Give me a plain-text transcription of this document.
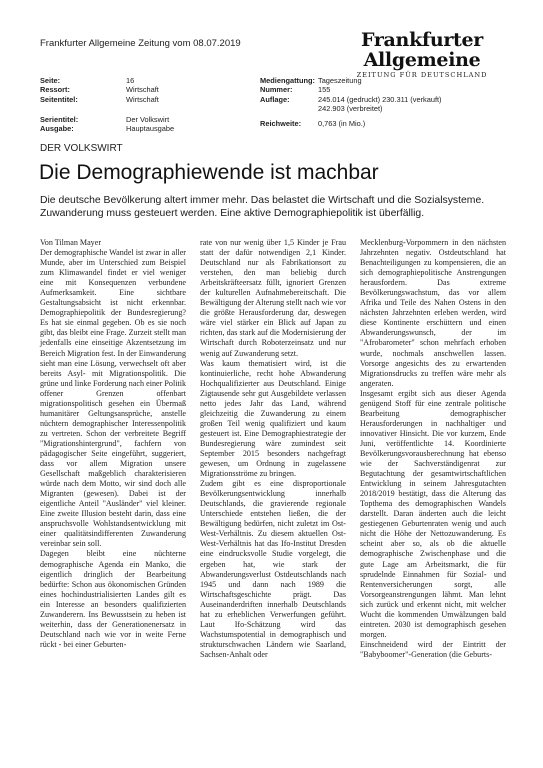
Frankfurter Allgemeine Zeitung vom 08.07.2019	Frankfurter Allgemeine
ZEITUNG FÜR DEUTSCHLAND
Seite:	16
Ressort:	Wirtschaft
Seitentitel:	Wirtschaft
Serientitel:	Der Volkswirt
Ausgabe:	Hauptausgabe
Mediengattung: Tageszeitung
Nummer:	155
Auflage:	245.014 (gedruckt) 230.311 (verkauft)
242.903 (verbreitet)
Reichweite:	0,763 (in Mio.)
DER VOLKSWIRT
Die Demographiewende ist machbar
Die deutsche Bevölkerung altert immer mehr. Das belastet die Wirtschaft und die Sozialsysteme. Zuwanderung muss gesteuert werden. Eine aktive Demographiepolitik ist überfällig.

Von Tilman Mayer

Der demographische Wandel ist zwar in aller Munde, aber im Unterschied zum Beispiel zum Klimawandel findet er viel weniger eine mit Konsequenzen verbundene Aufmerksamkeit. Eine sichtbare Gestaltungsabsicht ist nicht erkennbar. Demographiepolitik der Bundesregierung? Es hat sie einmal gegeben. Ob es sie noch gibt, das bleibt eine Frage. Zurzeit stellt man jedenfalls eine einseitige Akzentsetzung im Bereich Migration fest. In der Einwanderung sieht man eine Lösung, verwechselt oft aber bereits Asyl- mit Migrationspolitik. Die grüne und linke Forderung nach einer Politik offener Grenzen offenbart migrationspolitisch gesehen ein Übermaß humanitärer Geltungsansprüche, anstelle nüchtern demographischer Interessenpolitik zu vertreten. Schon der verbreitete Begriff "Migrationshintergrund", fachfern von pädagogischer Seite eingeführt, suggeriert, dass vor allem Migration unsere Gesellschaft maßgeblich charakterisieren würde nach dem Motto, wir sind doch alle Migranten (gewesen). Dabei ist der eigentliche Anteil "Ausländer" viel kleiner. Eine zweite Illusion besteht darin, dass eine anspruchsvolle Wohlstandsentwicklung mit einer qualitätsindifferenten Zuwanderung vereinbar sein soll.

Dagegen bleibt eine nüchterne demographische Agenda ein Manko, die eigentlich dringlich der Bearbeitung bedürfte: Schon aus ökonomischen Gründen eines hochindustrialisierten Landes gilt es ein Interesse an besonders qualifizierten Zuwanderern. Ins Bewusstsein zu heben ist weiterhin, dass der Generationenersatz in Deutschland nach wie vor in weite Ferne rückt - bei einer Geburten-

rate von nur wenig über 1,5 Kinder je Frau statt der dafür notwendigen 2,1 Kinder. Deutschland nur als Fabrikationsort zu verstehen, den man beliebig durch Arbeitskräfteersatz füllt, ignoriert Grenzen der kulturellen Aufnahmebereitschaft. Die Bewältigung der Alterung stellt nach wie vor die größte Herausforderung dar, deswegen wäre viel stärker ein Blick auf Japan zu richten, das stark auf die Modernisierung der Wirtschaft durch Roboterzeinsatz und nur wenig auf Zuwanderung setzt.

Was kaum thematisiert wird, ist die kontinuierliche, recht hohe Abwanderung Hochqualifizierter aus Deutschland. Einige Zigtausende sehr gut Ausgebildete verlassen netto jedes Jahr das Land, während gleichzeitig die Zuwanderung zu einem großen Teil wenig qualifiziert und kaum gesteuert ist. Eine Demographiestrategie der Bundesregierung wäre zumindest seit September 2015 besonders nachgefragt gewesen, um Ordnung in zugelassene Migrationsströme zu bringen.

Zudem gibt es eine disproportionale Bevölkerungsentwicklung innerhalb Deutschlands, die gravierende regionale Unterschiede entstehen ließen, die der Bewältigung bedürfen, nicht zuletzt im Ost-West-Verhältnis. Zu diesem aktuellen Ost-West-Verhältnis hat das Ifo-Institut Dresden eine eindrucksvolle Studie vorgelegt, die ergeben hat, wie stark der Abwanderungsverlust Ostdeutschlands nach 1945 und dann nach 1989 die Wirtschaftsgeschichte prägt. Das Auseinanderdriften innerhalb Deutschlands hat zu erheblichen Verwerfungen geführt. Laut Ifo-Schätzung wird das Wachstumspotential in demographisch und strukturschwachen Ländern wie Saarland, Sachsen-Anhalt oder

Mecklenburg-Vorpommern in den nächsten Jahrzehnten negativ. Ostdeutschland hat Benachteiligungen zu kompensieren, die an sich demographiepolitische Anstrengungen herausfordern. Das extreme Bevölkerungswachstum, das vor allem Afrika und Teile des Nahen Ostens in den nächsten Jahrzehnten erleben werden, wird diese Kontinente erschüttern und einen Abwanderungswunsch, der im "Afrobarometer" schon mehrfach erhoben wurde, nochmals anschwellen lassen. Vorsorge angesichts des zu erwartenden Migrationsdrucks zu treffen wäre mehr als angeraten.

Insgesamt ergibt sich aus dieser Agenda genügend Stoff für eine zentrale politische Bearbeitung demographischer Herausforderungen in nachhaltiger und innovativer Hinsicht. Die vor kurzem, Ende Juni, veröffentlichte 14. Koordinierte Bevölkerungsvorausberechnung hat ebenso wie der Sachverständigenrat zur Begutachtung der gesamtwirtschaftlichen Entwicklung in seinem Jahresgutachten 2018/2019 bestätigt, dass die Alterung das Topthema des demographischen Wandels darstellt. Daran änderten auch die leicht gestiegenen Geburtenraten wenig und auch nicht die Höhe der Nettozuwanderung. Es scheint aber so, als ob die aktuelle demographische Zwischenphase und die gute Lage am Arbeitsmarkt, die für sprudelnde Einnahmen für Sozial- und Rentenversicherungen sorgt, alle Vorsorgeanstrengungen lähmt. Man lehnt sich zurück und erkennt nicht, mit welcher Wucht die kommenden Umwälzungen bald eintreten. 2030 ist demographisch gesehen morgen.

Einschneidend wird der Eintritt der "Babyboomer"-Generation (die Geburts-
